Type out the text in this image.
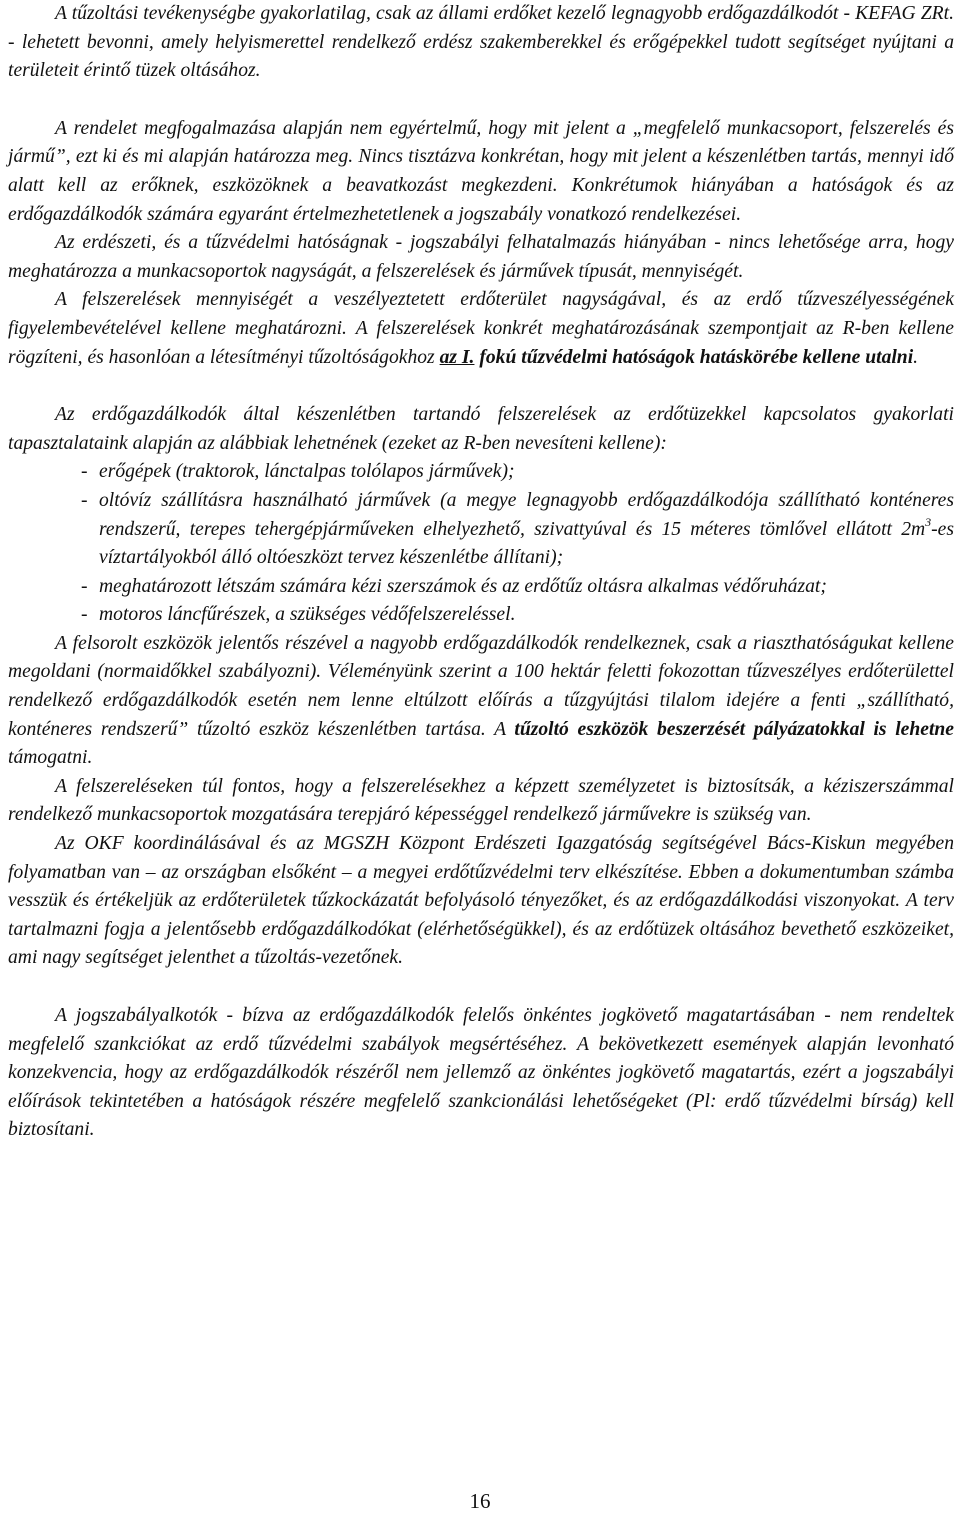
A tűzoltási tevékenységbe gyakorlatilag, csak az állami erdőket kezelő legnagyobb erdőgazdálkodót - KEFAG ZRt. - lehetett bevonni, amely helyismerettel rendelkező erdész szakemberekkel és erőgépekkel tudott segítséget nyújtani a területeit érintő tüzek oltásához.

A rendelet megfogalmazása alapján nem egyértelmű, hogy mit jelent a „megfelelő munkacsoport, felszerelés és jármű”, ezt ki és mi alapján határozza meg. Nincs tisztázva konkrétan, hogy mit jelent a készenlétben tartás, mennyi idő alatt kell az erőknek, eszközöknek a beavatkozást megkezdeni. Konkrétumok hiányában a hatóságok és az erdőgazdálkodók számára egyaránt értelmezhetetlenek a jogszabály vonatkozó rendelkezései.

Az erdészeti, és a tűzvédelmi hatóságnak - jogszabályi felhatalmazás hiányában - nincs lehetősége arra, hogy meghatározza a munkacsoportok nagyságát, a felszerelések és járművek típusát, mennyiségét.

A felszerelések mennyiségét a veszélyeztetett erdőterület nagyságával, és az erdő tűzveszélyességének figyelembevételével kellene meghatározni. A felszerelések konkrét meghatározásának szempontjait az R-ben kellene rögzíteni, és hasonlóan a létesítményi tűzoltóságokhoz az I. fokú tűzvédelmi hatóságok hatáskörébe kellene utalni.

Az erdőgazdálkodók által készenlétben tartandó felszerelések az erdőtüzekkel kapcsolatos gyakorlati tapasztalataink alapján az alábbiak lehetnének (ezeket az R-ben nevesíteni kellene):

- erőgépek (traktorok, lánctalpas tolólapos járművek);
- oltóvíz szállításra használható járművek (a megye legnagyobb erdőgazdálkodója szállítható konténeres rendszerű, terepes tehergépjárműveken elhelyezhető, szivattyúval és 15 méteres tömlővel ellátott $2m^3-es$ víztartályokból álló oltóeszközt tervez készenlétbe állítani);
- meghatározott létszám számára kézi szerszámok és az erdőtűz oltásra alkalmas védőruházat;
- motoros láncfűrészek, a szükséges védőfelszereléssel.

A felsorolt eszközök jelentős részével a nagyobb erdőgazdálkodók rendelkeznek, csak a riaszthatóságukat kellene megoldani (normaidőkkel szabályozni). Véleményünk szerint a 100 hektár feletti fokozottan tűzveszélyes erdőterülettel rendelkező erdőgazdálkodók esetén nem lenne eltúlzott előírás a tűzgyújtási tilalom idejére a fenti „szállítható, konténeres rendszerű” tűzoltó eszköz készenlétben tartása. A tűzoltó eszközök beszerzését pályázatokkal is lehetne támogatni.

A felszereléseken túl fontos, hogy a felszerelésekhez a képzett személyzetet is biztosítsák, a kéziszerszámmal rendelkező munkacsoportok mozgatására terepjáró képességgel rendelkező járművekre is szükség van.

Az OKF koordinálásával és az MGSZH Központ Erdészeti Igazgatóság segítségével Bács-Kiskun megyében folyamatban van – az országban elsőként – a megyei erdőtűzvédelmi terv elkészítése. Ebben a dokumentumban számba vesszük és értékeljük az erdőterületek tűzkockázatát befolyásoló tényezőket, és az erdőgazdálkodási viszonyokat. A terv tartalmazni fogja a jelentősebb erdőgazdálkodókat (elérhetőségükkel), és az erdőtüzek oltásához bevethető eszközeiket, ami nagy segítséget jelenthet a tűzoltás-vezetőnek.

A jogszabályalkotók - bízva az erdőgazdálkodók felelős önkéntes jogkövető magatartásában - nem rendeltek megfelelő szankciókat az erdő tűzvédelmi szabályok megsértéséhez. A bekövetkezett események alapján levonható konzekvencia, hogy az erdőgazdálkodók részéről nem jellemző az önkéntes jogkövető magatartás, ezért a jogszabályi előírások tekintetében a hatóságok részére megfelelő szankcionálási lehetőségeket (Pl: erdő tűzvédelmi bírság) kell biztosítani.

16
